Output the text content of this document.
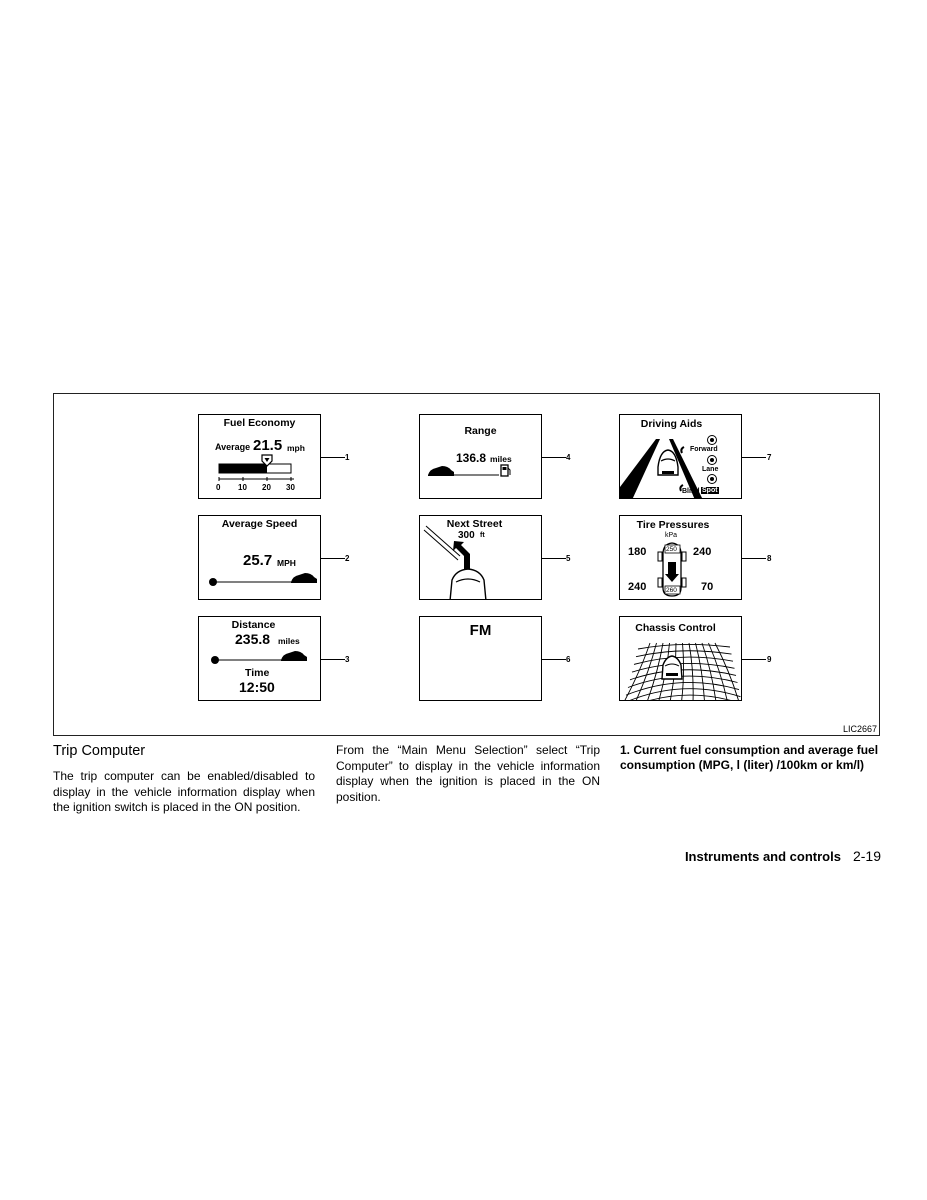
Fuel Economy
Average 21.5 mph
0 10 20 30
1
Range
136.8 miles	4
Driving Aids
Forward
Lane
Blind Spot
7
Average Speed
25.7 MPH	2
Next Street
300 ft
5
Tire Pressures
kPa
180	240
240	70
250
260
8
Distance
235.8 miles
Time
12:50
3
FM
6
Chassis Control
9
LIC2667
Trip Computer
The trip computer can be enabled/disabled to display in the vehicle information display when the ignition switch is placed in the ON position.
From the “Main Menu Selection” select “Trip Computer” to display in the vehicle information display when the ignition is placed in the ON position.
1. Current fuel consumption and average fuel consumption (MPG, l (liter) /100km or km/l)
Instruments and controls 2-19
